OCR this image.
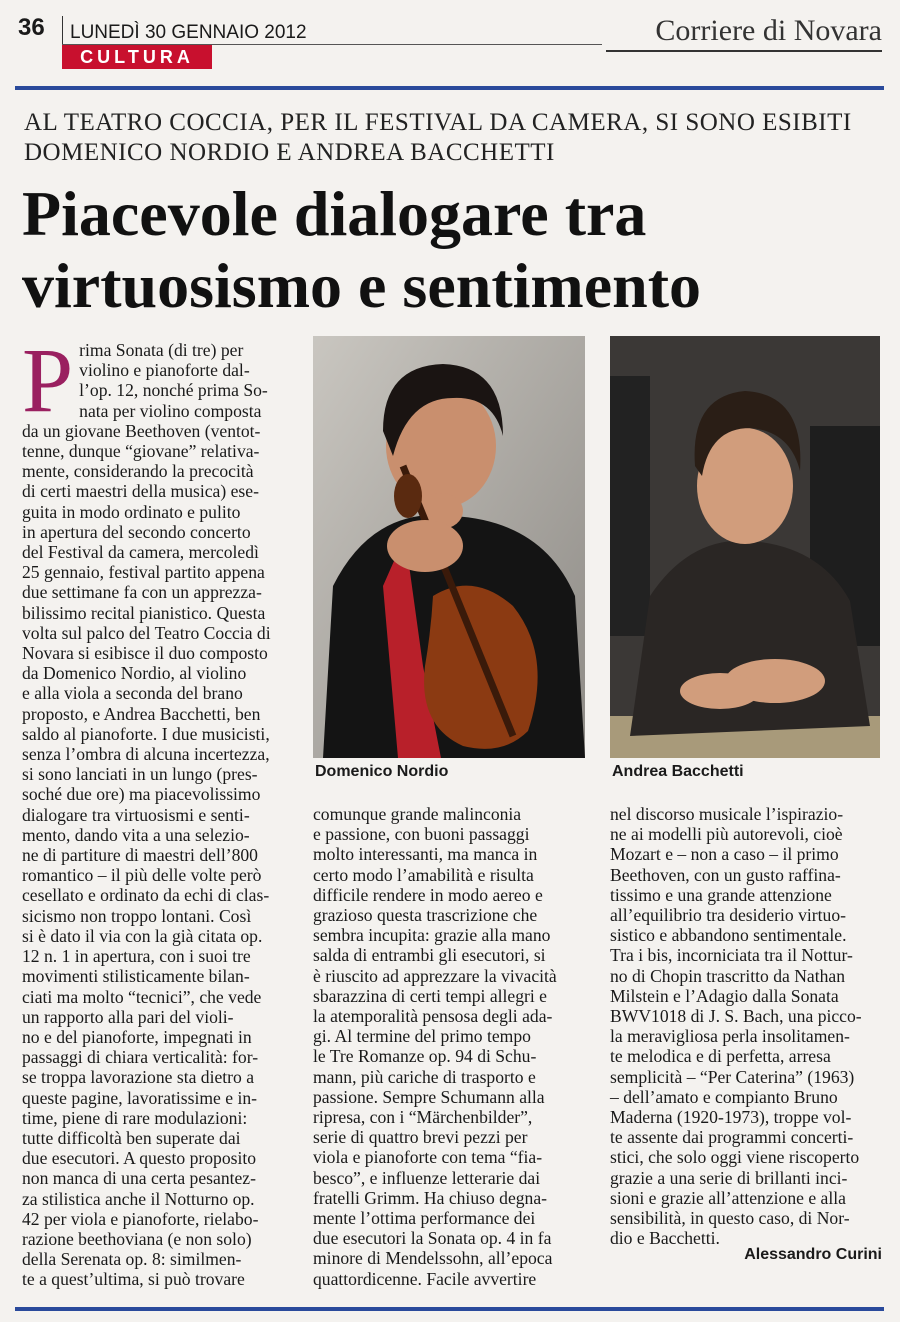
36 LUNEDÌ 30 GENNAIO 2012
CULTURA
Corriere di Novara
AL TEATRO COCCIA, PER IL FESTIVAL DA CAMERA, SI SONO ESIBITI DOMENICO NORDIO E ANDREA BACCHETTI
Piacevole dialogare tra
virtuosismo e sentimento
Prima Sonata (di tre) per
violino e pianoforte dal-
l’op. 12, nonché prima So-
nata per violino composta
da un giovane Beethoven (ventot-
tenne, dunque “giovane” relativa-
mente, considerando la precocità
di certi maestri della musica) ese-
guita in modo ordinato e pulito
in apertura del secondo concerto
del Festival da camera, mercoledì
25 gennaio, festival partito appena
due settimane fa con un apprezza-
bilissimo recital pianistico. Questa
volta sul palco del Teatro Coccia di
Novara si esibisce il duo composto
da Domenico Nordio, al violino
e alla viola a seconda del brano
proposto, e Andrea Bacchetti, ben
saldo al pianoforte. I due musicisti,
senza l’ombra di alcuna incertezza,
si sono lanciati in un lungo (pres-
soché due ore) ma piacevolissimo
dialogare tra virtuosismi e senti-
mento, dando vita a una selezio-
ne di partiture di maestri dell’800
romantico – il più delle volte però
cesellato e ordinato da echi di clas-
sicismo non troppo lontani. Così
si è dato il via con la già citata op.
12 n. 1 in apertura, con i suoi tre
movimenti stilisticamente bilan-
ciati ma molto “tecnici”, che vede
un rapporto alla pari del violi-
no e del pianoforte, impegnati in
passaggi di chiara verticalità: for-
se troppa lavorazione sta dietro a
queste pagine, lavoratissime e in-
time, piene di rare modulazioni:
tutte difficoltà ben superate dai
due esecutori. A questo proposito
non manca di una certa pesantez-
za stilistica anche il Notturno op.
42 per viola e pianoforte, rielabo-
razione beethoviana (e non solo)
della Serenata op. 8: similmen-
te a quest’ultima, si può trovare
Domenico Nordio	Andrea Bacchetti
comunque grande malinconia
e passione, con buoni passaggi
molto interessanti, ma manca in
certo modo l’amabilità e risulta
difficile rendere in modo aereo e
grazioso questa trascrizione che
sembra incupita: grazie alla mano
salda di entrambi gli esecutori, si
è riuscito ad apprezzare la vivacità
sbarazzina di certi tempi allegri e
la atemporalità pensosa degli ada-
gi. Al termine del primo tempo
le Tre Romanze op. 94 di Schu-
mann, più cariche di trasporto e
passione. Sempre Schumann alla
ripresa, con i “Märchenbilder”,
serie di quattro brevi pezzi per
viola e pianoforte con tema “fia-
besco”, e influenze letterarie dai
fratelli Grimm. Ha chiuso degna-
mente l’ottima performance dei
due esecutori la Sonata op. 4 in fa
minore di Mendelssohn, all’epoca
quattordicenne. Facile avvertire
nel discorso musicale l’ispirazio-
ne ai modelli più autorevoli, cioè
Mozart e – non a caso – il primo
Beethoven, con un gusto raffina-
tissimo e una grande attenzione
all’equilibrio tra desiderio virtuo-
sistico e abbandono sentimentale.
Tra i bis, incorniciata tra il Nottur-
no di Chopin trascritto da Nathan
Milstein e l’Adagio dalla Sonata
BWV1018 di J. S. Bach, una picco-
la meravigliosa perla insolitamen-
te melodica e di perfetta, arresa
semplicità – “Per Caterina” (1963)
– dell’amato e compianto Bruno
Maderna (1920-1973), troppe vol-
te assente dai programmi concerti-
stici, che solo oggi viene riscoperto
grazie a una serie di brillanti inci-
sioni e grazie all’attenzione e alla
sensibilità, in questo caso, di Nor-
dio e Bacchetti.
Alessandro Curini
